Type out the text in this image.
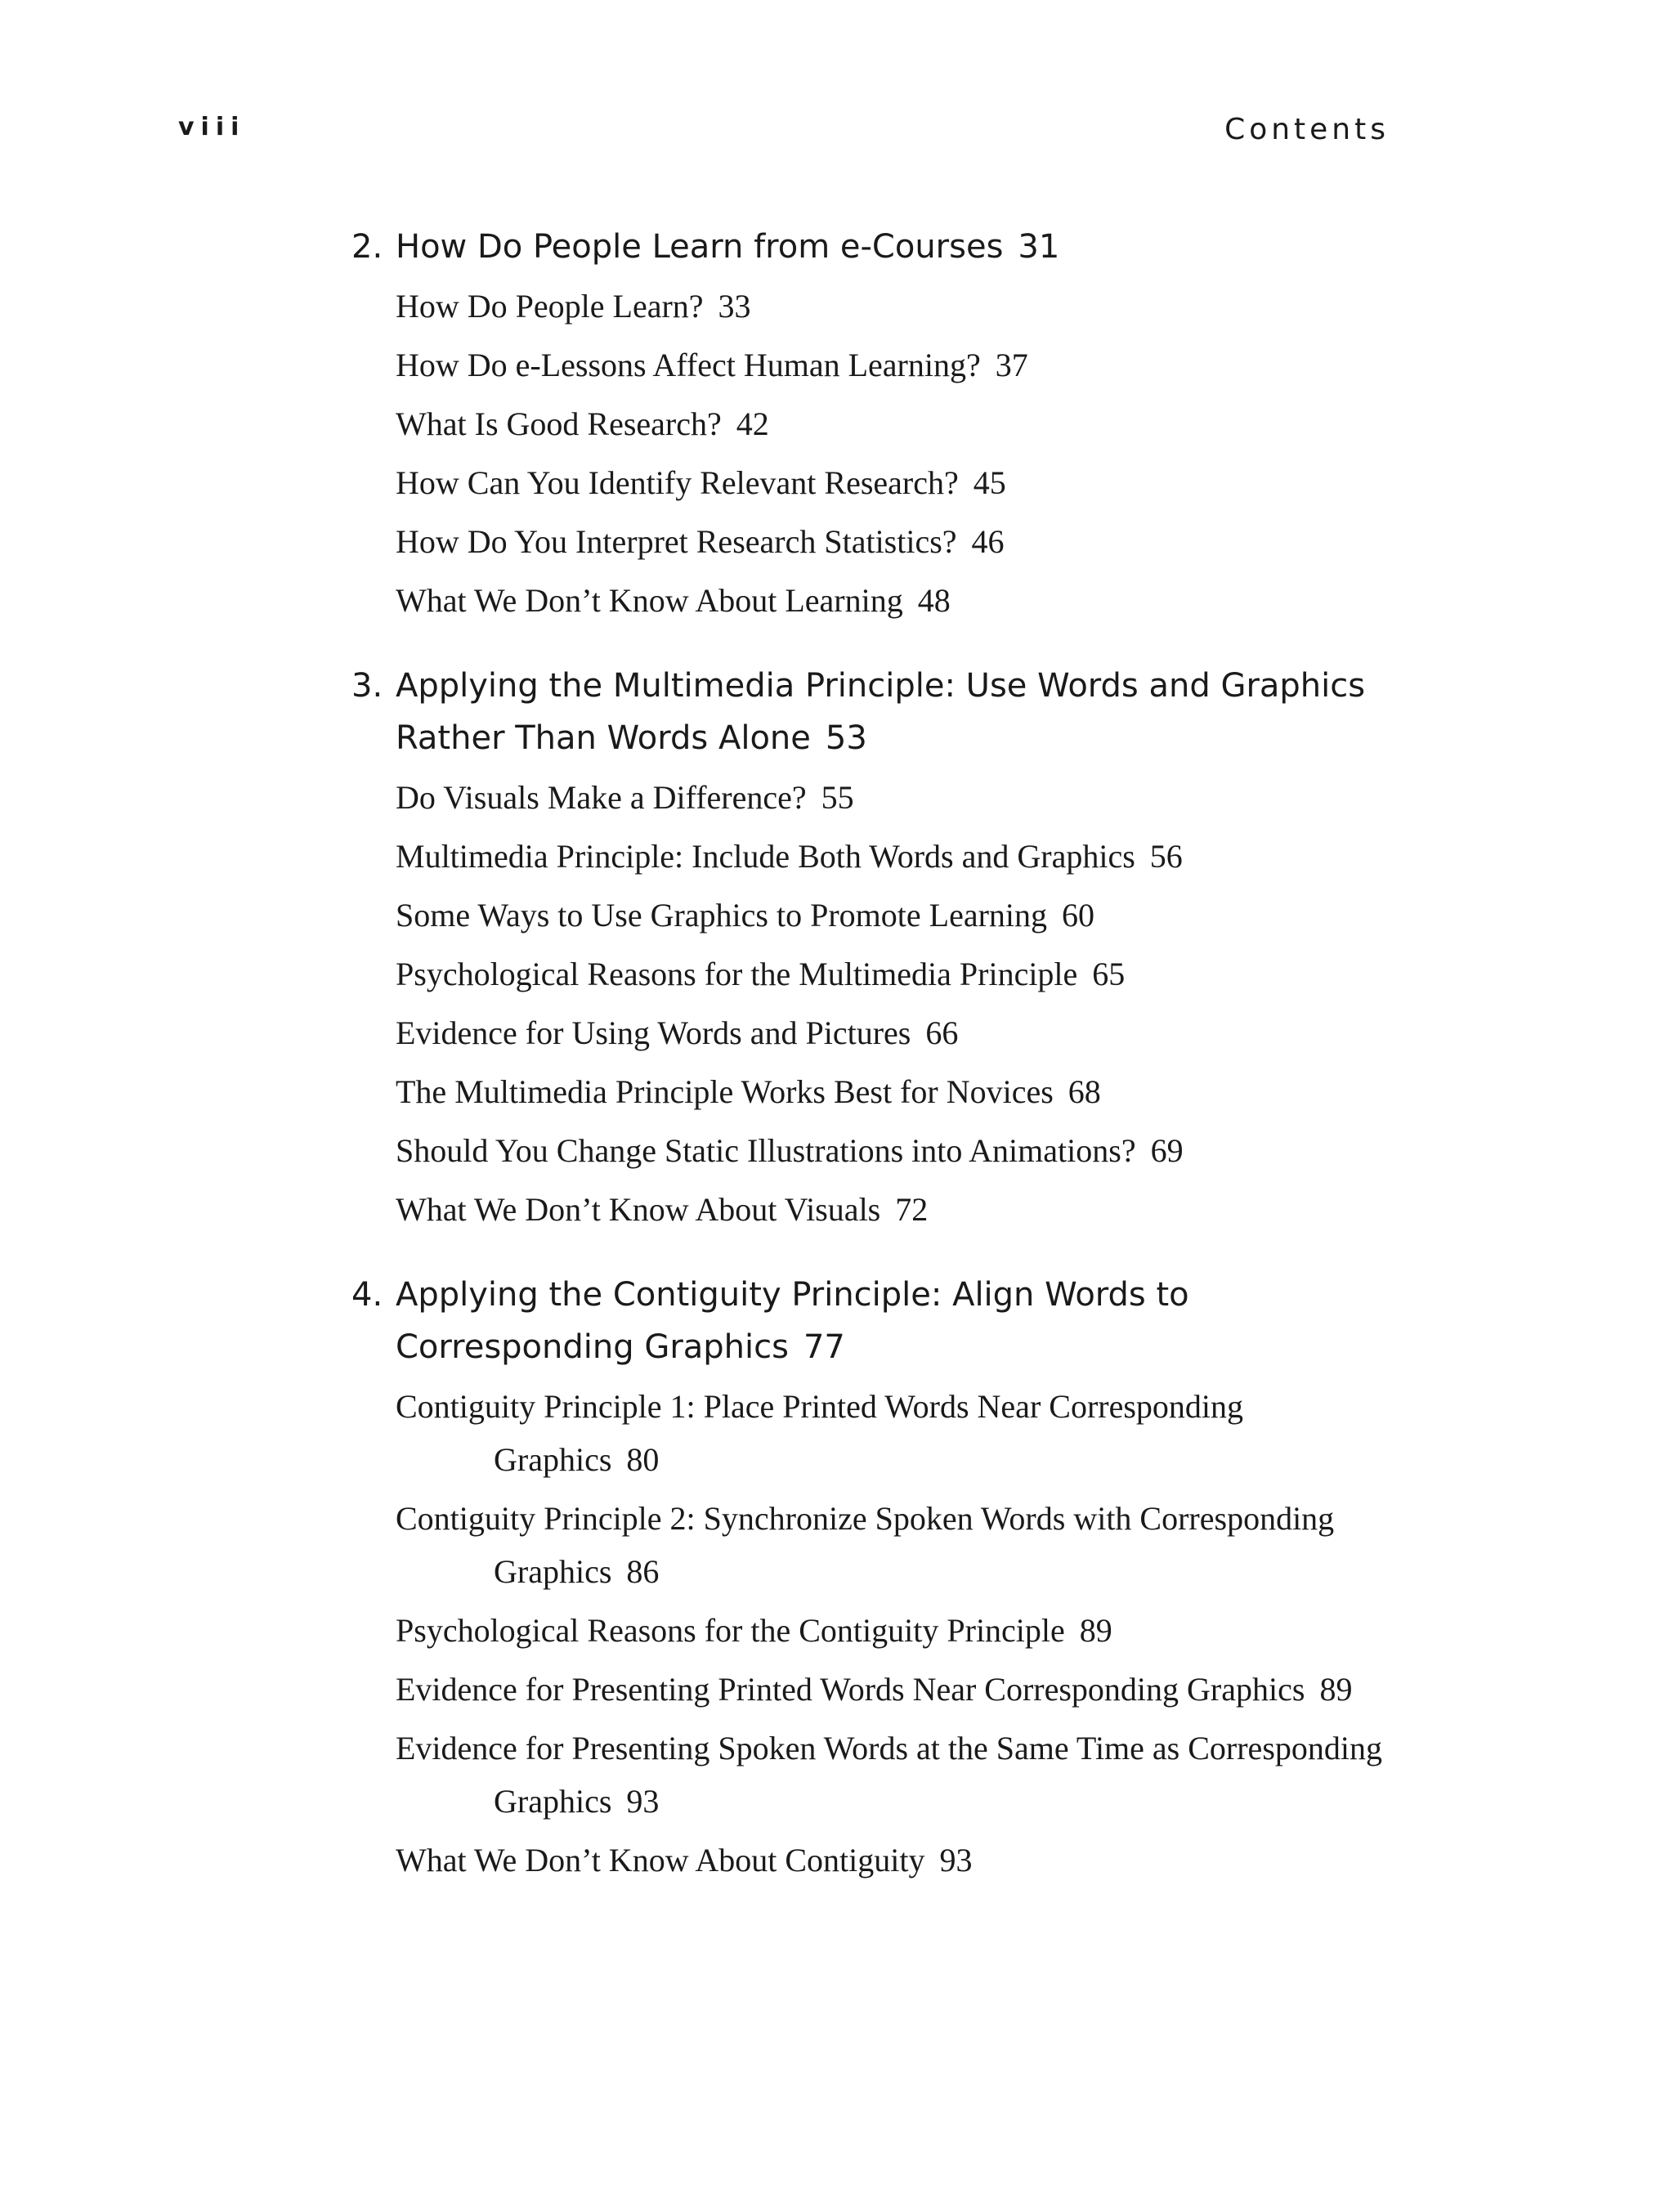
viii	Contents
2. How Do People Learn from e-Courses 31
How Do People Learn? 33
How Do e-Lessons Affect Human Learning? 37
What Is Good Research? 42
How Can You Identify Relevant Research? 45
How Do You Interpret Research Statistics? 46
What We Don’t Know About Learning 48
3. Applying the Multimedia Principle: Use Words and Graphics Rather Than Words Alone 53
Do Visuals Make a Difference? 55
Multimedia Principle: Include Both Words and Graphics 56
Some Ways to Use Graphics to Promote Learning 60
Psychological Reasons for the Multimedia Principle 65
Evidence for Using Words and Pictures 66
The Multimedia Principle Works Best for Novices 68
Should You Change Static Illustrations into Animations? 69
What We Don’t Know About Visuals 72
4. Applying the Contiguity Principle: Align Words to Corresponding Graphics 77
Contiguity Principle 1: Place Printed Words Near Corresponding Graphics 80
Contiguity Principle 2: Synchronize Spoken Words with Corresponding Graphics 86
Psychological Reasons for the Contiguity Principle 89
Evidence for Presenting Printed Words Near Corresponding Graphics 89
Evidence for Presenting Spoken Words at the Same Time as Corresponding Graphics 93
What We Don’t Know About Contiguity 93
